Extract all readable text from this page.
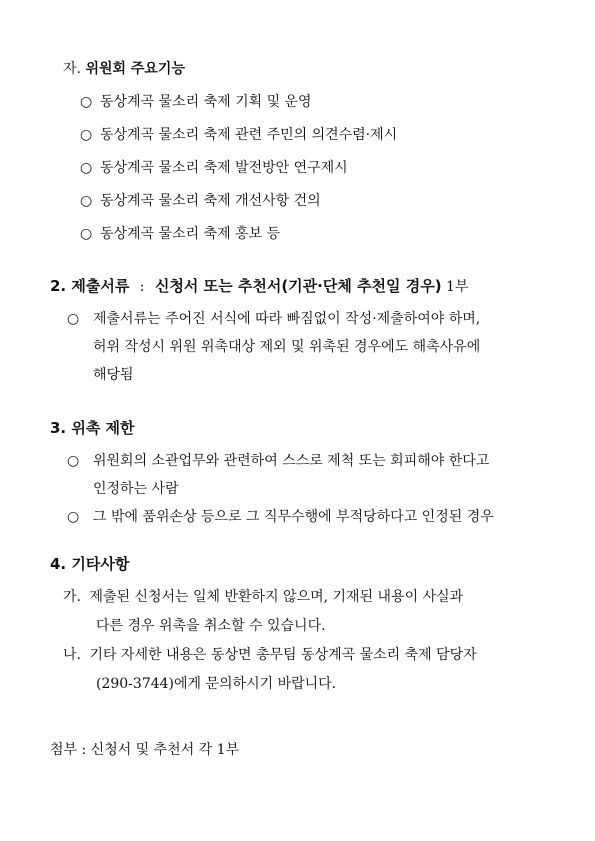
자. 위원회 주요기능
○ 동상계곡 물소리 축제 기획 및 운영
○ 동상계곡 물소리 축제 관련 주민의 의견수렴·제시
○ 동상계곡 물소리 축제 발전방안 연구제시
○ 동상계곡 물소리 축제 개선사항 건의
○ 동상계곡 물소리 축제 홍보 등
2. 제출서류 : 신청서 또는 추천서(기관·단체 추천일 경우) 1부
○ 제출서류는 주어진 서식에 따라 빠짐없이 작성·제출하여야 하며,
허위 작성시 위원 위촉대상 제외 및 위촉된 경우에도 해촉사유에
해당됨
3. 위촉 제한
○ 위원회의 소관업무와 관련하여 스스로 제척 또는 회피해야 한다고
인정하는 사람
○ 그 밖에 품위손상 등으로 그 직무수행에 부적당하다고 인정된 경우
4. 기타사항
가. 제출된 신청서는 일체 반환하지 않으며, 기재된 내용이 사실과
다른 경우 위촉을 취소할 수 있습니다.
나. 기타 자세한 내용은 동상면 총무팀 동상계곡 물소리 축제 담당자
(290-3744)에게 문의하시기 바랍니다.
첨부 : 신청서 및 추천서 각 1부
